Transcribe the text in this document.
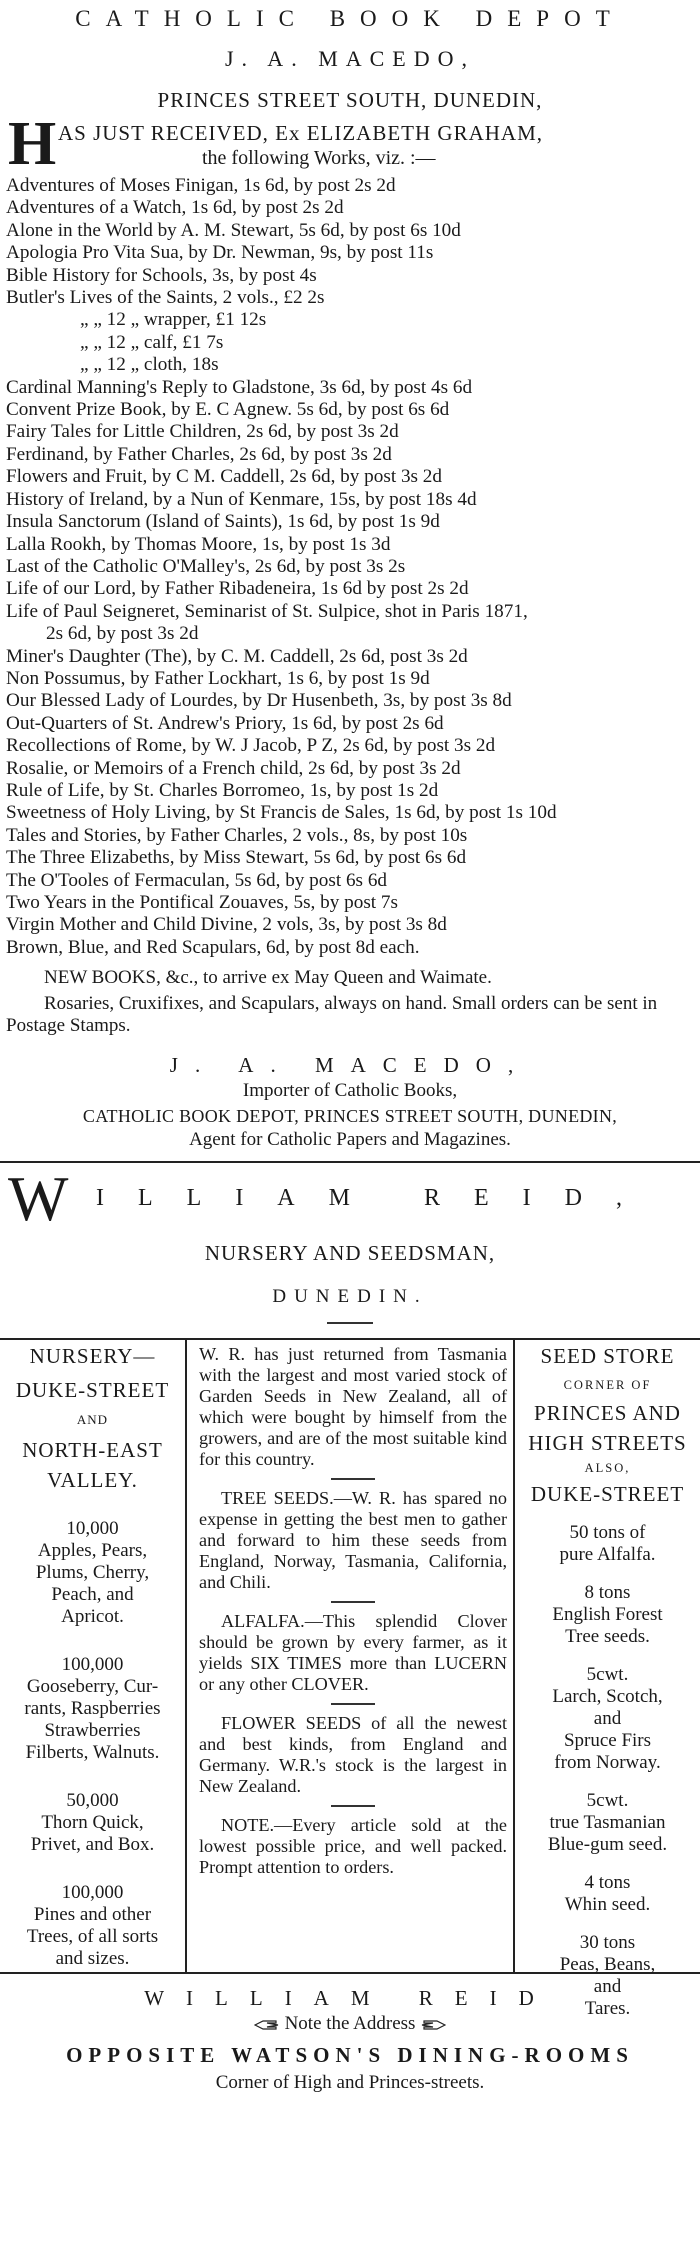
CATHOLIC BOOK DEPOT
J. A. MACEDO,
PRINCES STREET SOUTH, DUNEDIN,
H AS JUST RECEIVED, Ex ELIZABETH GRAHAM,
the following Works, viz. :—
Adventures of Moses Finigan, 1s 6d, by post 2s 2d
Adventures of a Watch, 1s 6d, by post 2s 2d
Alone in the World by A. M. Stewart, 5s 6d, by post 6s 10d
Apologia Pro Vita Sua, by Dr. Newman, 9s, by post 11s
Bible History for Schools, 3s, by post 4s
Butler's Lives of the Saints, 2 vols., £2 2s
„ „ 12 „ wrapper, £1 12s
„ „ 12 „ calf, £1 7s
„ „ 12 „ cloth, 18s
Cardinal Manning's Reply to Gladstone, 3s 6d, by post 4s 6d
Convent Prize Book, by E. C Agnew. 5s 6d, by post 6s 6d
Fairy Tales for Little Children, 2s 6d, by post 3s 2d
Ferdinand, by Father Charles, 2s 6d, by post 3s 2d
Flowers and Fruit, by C M. Caddell, 2s 6d, by post 3s 2d
History of Ireland, by a Nun of Kenmare, 15s, by post 18s 4d
Insula Sanctorum (Island of Saints), 1s 6d, by post 1s 9d
Lalla Rookh, by Thomas Moore, 1s, by post 1s 3d
Last of the Catholic O'Malley's, 2s 6d, by post 3s 2s
Life of our Lord, by Father Ribadeneira, 1s 6d by post 2s 2d
Life of Paul Seigneret, Seminarist of St. Sulpice, shot in Paris 1871,
2s 6d, by post 3s 2d
Miner's Daughter (The), by C. M. Caddell, 2s 6d, post 3s 2d
Non Possumus, by Father Lockhart, 1s 6, by post 1s 9d
Our Blessed Lady of Lourdes, by Dr Husenbeth, 3s, by post 3s 8d
Out-Quarters of St. Andrew's Priory, 1s 6d, by post 2s 6d
Recollections of Rome, by W. J Jacob, P Z, 2s 6d, by post 3s 2d
Rosalie, or Memoirs of a French child, 2s 6d, by post 3s 2d
Rule of Life, by St. Charles Borromeo, 1s, by post 1s 2d
Sweetness of Holy Living, by St Francis de Sales, 1s 6d, by post 1s 10d
Tales and Stories, by Father Charles, 2 vols., 8s, by post 10s
The Three Elizabeths, by Miss Stewart, 5s 6d, by post 6s 6d
The O'Tooles of Fermaculan, 5s 6d, by post 6s 6d
Two Years in the Pontifical Zouaves, 5s, by post 7s
Virgin Mother and Child Divine, 2 vols, 3s, by post 3s 8d
Brown, Blue, and Red Scapulars, 6d, by post 8d each.
NEW BOOKS, &c., to arrive ex May Queen and Waimate.
Rosaries, Cruxifixes, and Scapulars, always on hand. Small orders can be sent in Postage Stamps.
J. A. MACEDO,
Importer of Catholic Books,
CATHOLIC BOOK DEPOT, PRINCES STREET SOUTH, DUNEDIN,
Agent for Catholic Papers and Magazines.
W ILLIAM REID,
NURSERY AND SEEDSMAN,
DUNEDIN.
NURSERY—
DUKE-STREET
AND
NORTH-EAST
VALLEY.
10,000
Apples, Pears,
Plums, Cherry,
Peach, and
Apricot.
100,000
Gooseberry, Cur-
rants, Raspberries
Strawberries
Filberts, Walnuts.
50,000
Thorn Quick,
Privet, and Box.
100,000
Pines and other
Trees, of all sorts
and sizes.
W. R. has just returned from Tasmania with the largest and most varied stock of Garden Seeds in New Zealand, all of which were bought by himself from the growers, and are of the most suitable kind for this country.
TREE SEEDS.—W. R. has spared no expense in getting the best men to gather and forward to him these seeds from England, Norway, Tasmania, California, and Chili.
ALFALFA.—This splendid Clover should be grown by every farmer, as it yields SIX TIMES more than LUCERN or any other CLOVER.
FLOWER SEEDS of all the newest and best kinds, from England and Germany. W.R.'s stock is the largest in New Zealand.
NOTE.—Every article sold at the lowest possible price, and well packed. Prompt attention to orders.
SEED STORE
CORNER OF
PRINCES AND
HIGH STREETS
ALSO,
DUKE-STREET
50 tons of
pure Alfalfa.
8 tons
English Forest
Tree seeds.
5cwt.
Larch, Scotch,
and
Spruce Firs
from Norway.
5cwt.
true Tasmanian
Blue-gum seed.
4 tons
Whin seed.
30 tons
Peas, Beans,
and
Tares.
WILLIAM REID
Note the Address
OPPOSITE WATSON'S DINING-ROOMS
Corner of High and Princes-streets.
